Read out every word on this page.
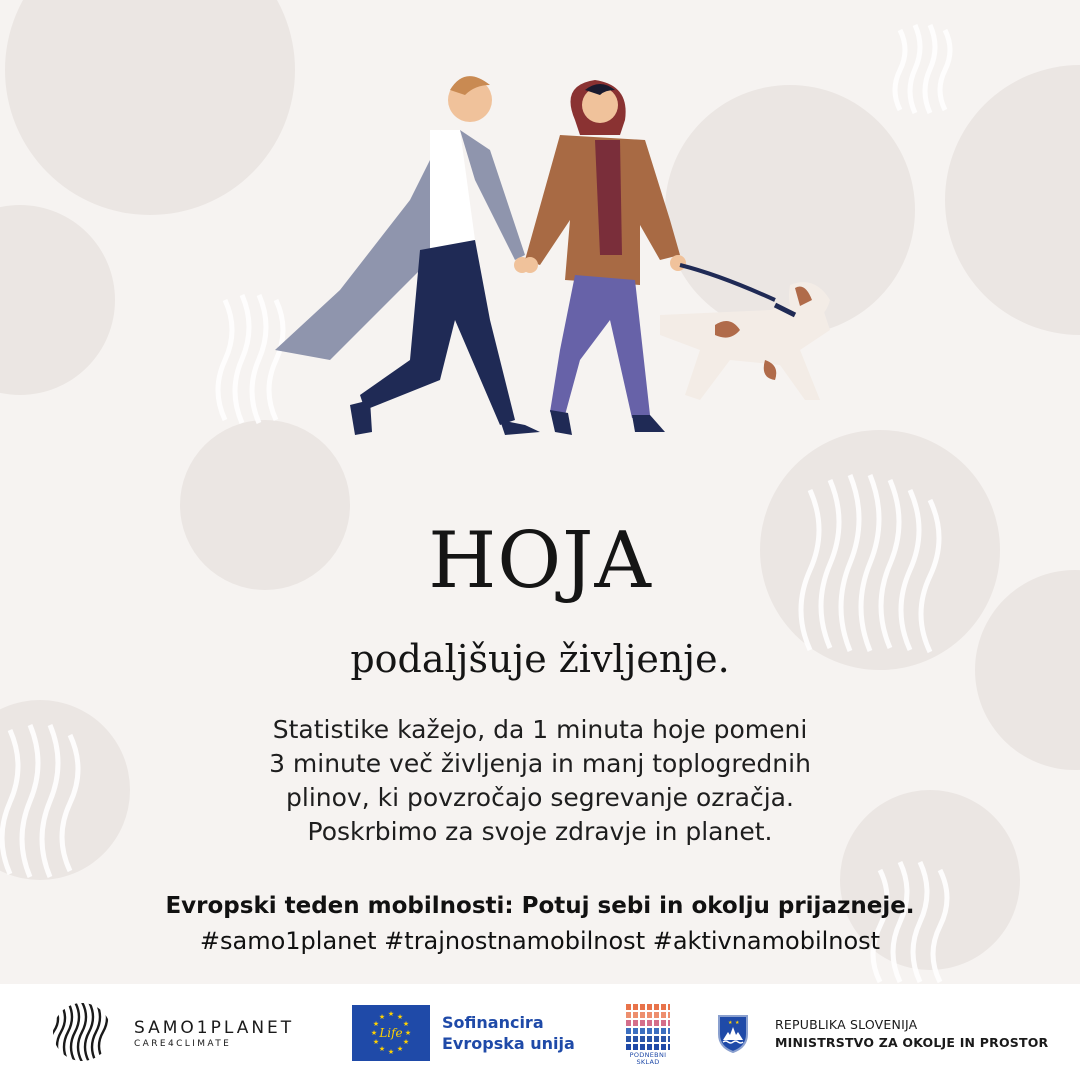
HOJA
podaljšuje življenje.
Statistike kažejo, da 1 minuta hoje pomeni
3 minute več življenja in manj toplogrednih
plinov, ki povzročajo segrevanje ozračja.
Poskrbimo za svoje zdravje in planet.
Evropski teden mobilnosti: Potuj sebi in okolju prijazneje.
#samo1planet #trajnostnamobilnost #aktivnamobilnost
SAMO1PLANET
CARE4CLIMATE
★ ★
★
★
★
★
★
★
★
★
★
★
Life
Sofinancira
Evropska unija
PODNEBNI
SKLAD
★ ★	REPUBLIKA SLOVENIJA
MINISTRSTVO ZA OKOLJE IN PROSTOR
